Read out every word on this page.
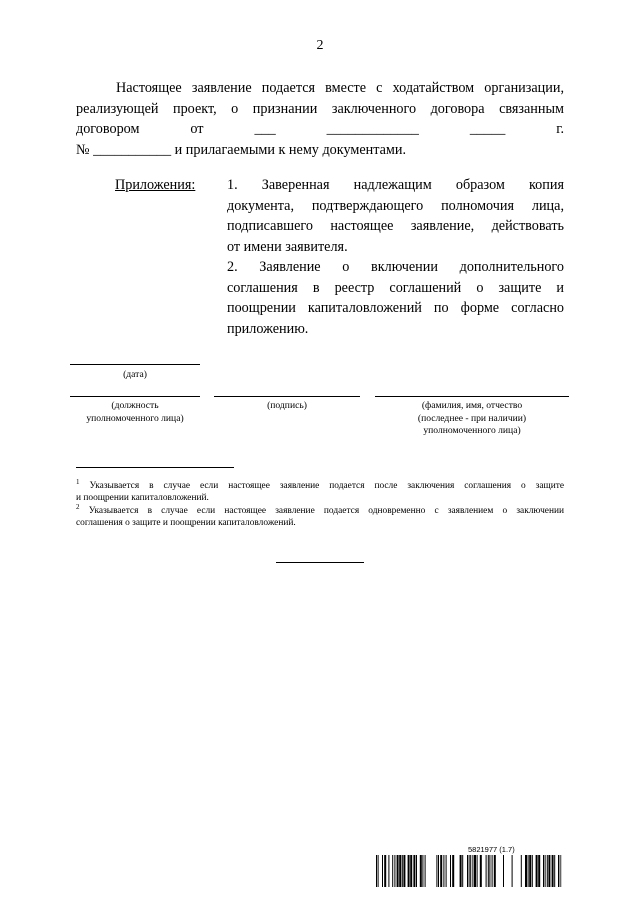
2
Настоящее заявление подается вместе с ходатайством организации,
реализующей проект, о признании заключенного договора связанным
договором от ___ _____________ _____ г.
№ ___________ и прилагаемыми к нему документами.
Приложения: 1. Заверенная надлежащим образом копия
документа, подтверждающего полномочия лица,
подписавшего настоящее заявление, действовать
от имени заявителя.
2. Заявление о включении дополнительного
соглашения в реестр соглашений о защите и
поощрении капиталовложений по форме согласно
приложению.
(дата)
(должность
уполномоченного лица)
(подпись)	(фамилия, имя, отчество
(последнее - при наличии)
уполномоченного лица)
$^1$ Указывается в случае если настоящее заявление подается после заключения соглашения о защите
и поощрении капиталовложений.
$^2$ Указывается в случае если настоящее заявление подается одновременно с заявлением о заключении
соглашения о защите и поощрении капиталовложений.
5821977 (1.7)
